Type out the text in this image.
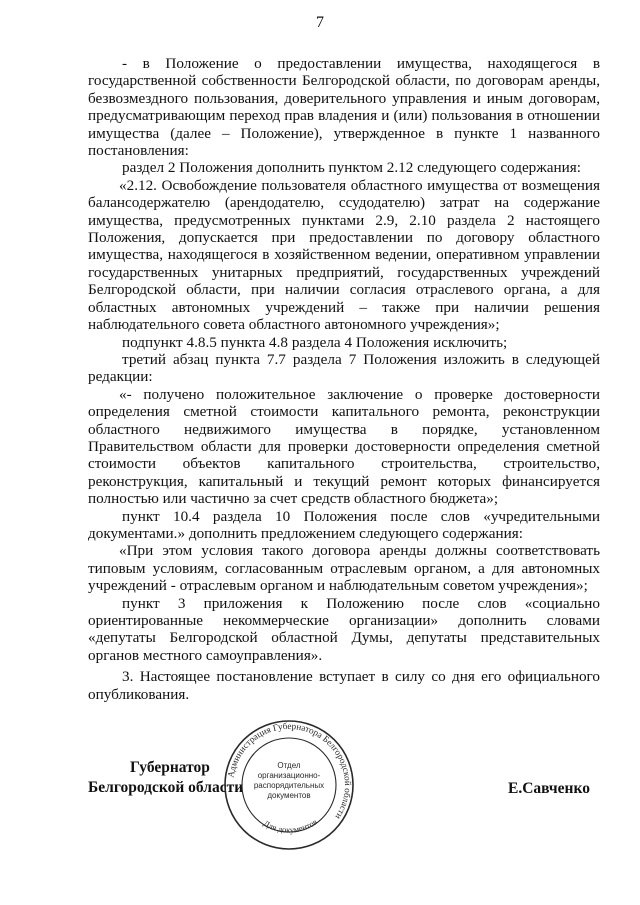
7

- в Положение о предоставлении имущества, находящегося в государственной собственности Белгородской области, по договорам аренды, безвозмездного пользования, доверительного управления и иным договорам, предусматривающим переход прав владения и (или) пользования в отношении имущества (далее – Положение), утвержденное в пункте 1 названного постановления:

раздел 2 Положения дополнить пунктом 2.12 следующего содержания:

«2.12. Освобождение пользователя областного имущества от возмещения балансодержателю (арендодателю, ссудодателю) затрат на содержание имущества, предусмотренных пунктами 2.9, 2.10 раздела 2 настоящего Положения, допускается при предоставлении по договору областного имущества, находящегося в хозяйственном ведении, оперативном управлении государственных унитарных предприятий, государственных учреждений Белгородской области, при наличии согласия отраслевого органа, а для областных автономных учреждений – также при наличии решения наблюдательного совета областного автономного учреждения»;

подпункт 4.8.5 пункта 4.8 раздела 4 Положения исключить;

третий абзац пункта 7.7 раздела 7 Положения изложить в следующей редакции:

«- получено положительное заключение о проверке достоверности определения сметной стоимости капитального ремонта, реконструкции областного недвижимого имущества в порядке, установленном Правительством области для проверки достоверности определения сметной стоимости объектов капитального строительства, строительство, реконструкция, капитальный и текущий ремонт которых финансируется полностью или частично за счет средств областного бюджета»;

пункт 10.4 раздела 10 Положения после слов «учредительными документами.» дополнить предложением следующего содержания:

«При этом условия такого договора аренды должны соответствовать типовым условиям, согласованным отраслевым органом, а для автономных учреждений - отраслевым органом и наблюдательным советом учреждения»;

пункт 3 приложения к Положению после слов «социально ориентированные некоммерческие организации» дополнить словами «депутаты Белгородской областной Думы, депутаты представительных органов местного самоуправления».

3. Настоящее постановление вступает в силу со дня его официального опубликования.

Губернатор
Белгородской области
Администрация Губернатора Белгородской области
Отдел
организационно-
распорядительных
документов
Для документов
Е.Савченко
